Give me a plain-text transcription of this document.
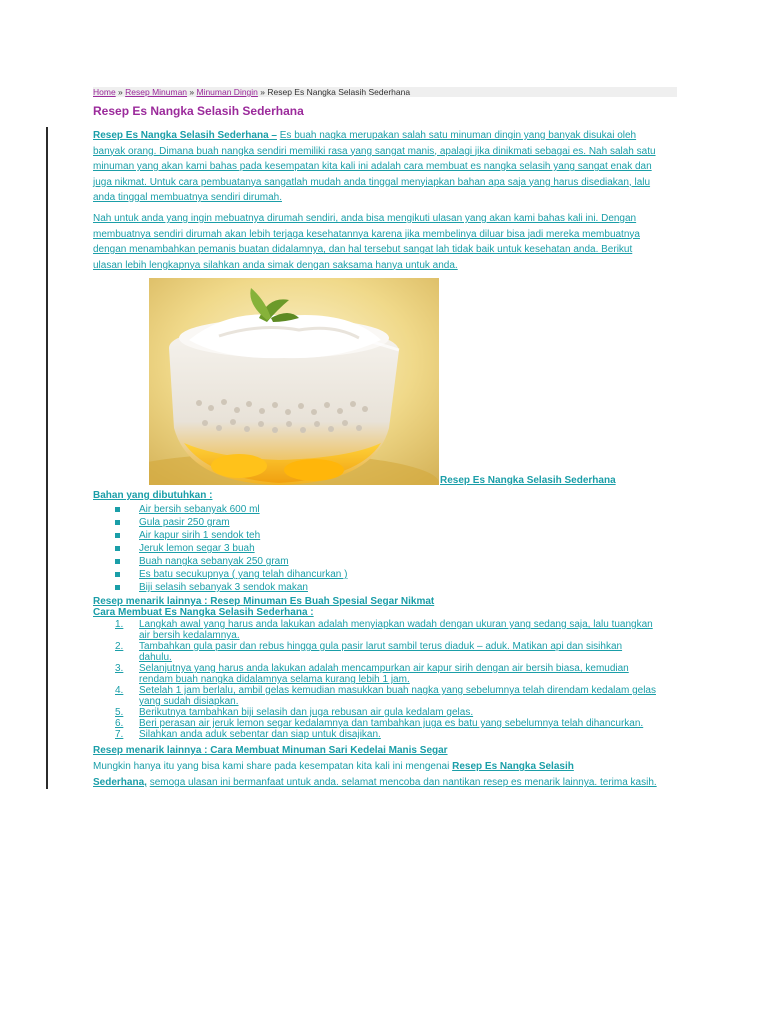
Home » Resep Minuman » Minuman Dingin » Resep Es Nangka Selasih Sederhana
Resep Es Nangka Selasih Sederhana
Resep Es Nangka Selasih Sederhana – Es buah nagka merupakan salah satu minuman dingin yang banyak disukai oleh
banyak orang. Dimana buah nangka sendiri memiliki rasa yang sangat manis, apalagi jika dinikmati sebagai es. Nah salah satu
minuman yang akan kami bahas pada kesempatan kita kali ini adalah cara membuat es nangka selasih yang sangat enak dan
juga nikmat. Untuk cara pembuatanya sangatlah mudah anda tinggal menyiapkan bahan apa saja yang harus disediakan, lalu
anda tinggal membuatnya sendiri dirumah.
Nah untuk anda yang ingin mebuatnya dirumah sendiri, anda bisa mengikuti ulasan yang akan kami bahas kali ini. Dengan
membuatnya sendiri dirumah akan lebih terjaga kesehatannya karena jika membelinya diluar bisa jadi mereka membuatnya
dengan menambahkan pemanis buatan didalamnya, dan hal tersebut sangat lah tidak baik untuk kesehatan anda. Berikut
ulasan lebih lengkapnya silahkan anda simak dengan saksama hanya untuk anda.
Resep Es Nangka Selasih Sederhana
Bahan yang dibutuhkan :
Air bersih sebanyak 600 ml
Gula pasir 250 gram
Air kapur sirih 1 sendok teh
Jeruk lemon segar 3 buah
Buah nangka sebanyak 250 gram
Es batu secukupnya ( yang telah dihancurkan )
Biji selasih sebanyak 3 sendok makan
Resep menarik lainnya : Resep Minuman Es Buah Spesial Segar Nikmat
Cara Membuat Es Nangka Selasih Sederhana :
1.	Langkah awal yang harus anda lakukan adalah menyiapkan wadah dengan ukuran yang sedang saja, lalu tuangkan
air bersih kedalamnya.
2.	Tambahkan gula pasir dan rebus hingga gula pasir larut sambil terus diaduk – aduk. Matikan api dan sisihkan
dahulu.
3.	Selanjutnya yang harus anda lakukan adalah mencampurkan air kapur sirih dengan air bersih biasa, kemudian
rendam buah nangka didalamnya selama kurang lebih 1 jam.
4.	Setelah 1 jam berlalu, ambil gelas kemudian masukkan buah nagka yang sebelumnya telah direndam kedalam gelas
yang sudah disiapkan.
5.	Berikutnya tambahkan biji selasih dan juga rebusan air gula kedalam gelas.
6.	Beri perasan air jeruk lemon segar kedalamnya dan tambahkan juga es batu yang sebelumnya telah dihancurkan.
7.	Silahkan anda aduk sebentar dan siap untuk disajikan.
Resep menarik lainnya : Cara Membuat Minuman Sari Kedelai Manis Segar
Mungkin hanya itu yang bisa kami share pada kesempatan kita kali ini mengenai Resep Es Nangka Selasih
Sederhana, semoga ulasan ini bermanfaat untuk anda. selamat mencoba dan nantikan resep es menarik lainnya. terima kasih.
